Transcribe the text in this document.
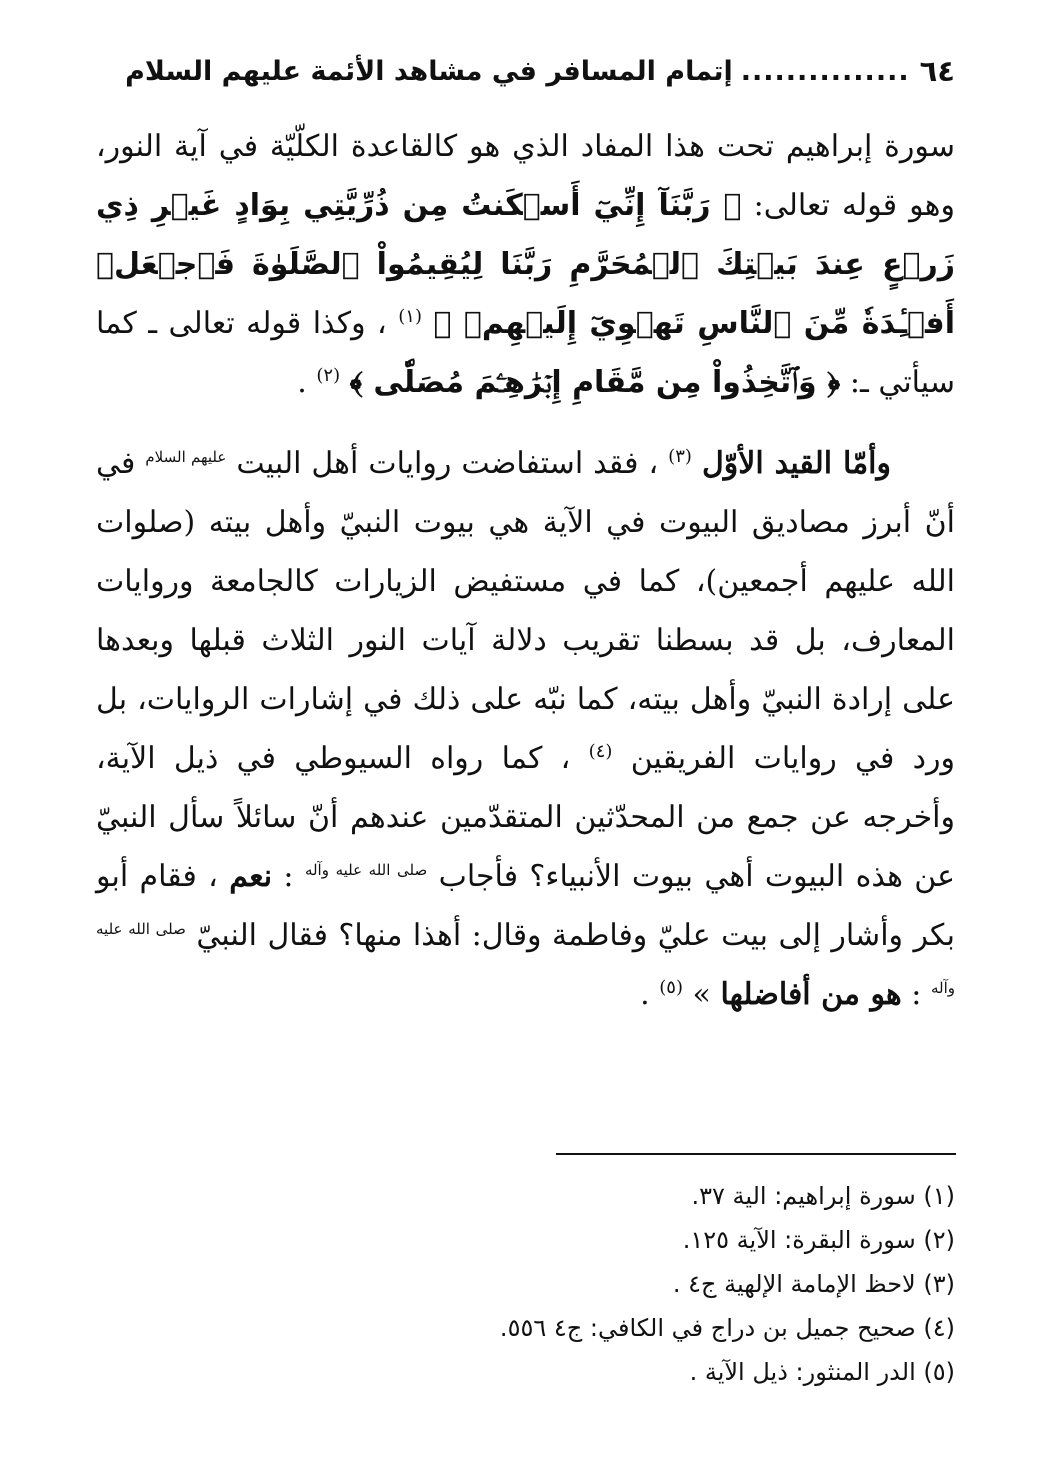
٦٤
...............
إتمام المسافر في مشاهد الأئمة عليهم السلام

سورة إبراهيم تحت هذا المفاد الذي هو كالقاعدة الكلّيّة في آية النور، وهو قوله تعالى: ﴿ رَبَّنَآ إِنِّيٓ أَسۡكَنتُ مِن ذُرِّيَّتِي بِوَادٍ غَيۡرِ ذِي زَرۡعٍ عِندَ بَيۡتِكَ ٱلۡمُحَرَّمِ رَبَّنَا لِيُقِيمُواْ ٱلصَّلَوٰةَ فَٱجۡعَلۡ أَفۡـِٔدَةٗ مِّنَ ٱلنَّاسِ تَهۡوِيٓ إِلَيۡهِمۡ ﴾ $^{(١)}$ ، وكذا قوله تعالى ـ كما سيأتي ـ: ﴿ وَٱتَّخِذُواْ مِن مَّقَامِ إِبۡرَٰهِـۧمَ مُصَلّٗى ﴾ $^{(٢)}$ .

وأمّا القيد الأوّل $^{(٣)}$ ، فقد استفاضت روايات أهل البيت $^{عليهم السلام}$ في أنّ أبرز مصاديق البيوت في الآية هي بيوت النبيّ وأهل بيته (صلوات الله عليهم أجمعين)، كما في مستفيض الزيارات كالجامعة وروايات المعارف، بل قد بسطنا تقريب دلالة آيات النور الثلاث قبلها وبعدها على إرادة النبيّ وأهل بيته، كما نبّه على ذلك في إشارات الروايات، بل ورد في روايات الفريقين $^{(٤)}$ ، كما رواه السيوطي في ذيل الآية، وأخرجه عن جمع من المحدّثين المتقدّمين عندهم أنّ سائلاً سأل النبيّ عن هذه البيوت أهي بيوت الأنبياء؟ فأجاب $^{صلى الله عليه وآله}$ : نعم ، فقام أبو بكر وأشار إلى بيت عليّ وفاطمة وقال: أهذا منها؟ فقال النبيّ $^{صلى الله عليه وآله}$ : هو من أفاضلها » $^{(٥)}$ .

(١) سورة إبراهيم: الية ٣٧.
(٢) سورة البقرة: الآية ١٢٥.
(٣) لاحظ الإمامة الإلهية ج٤ .
(٤) صحيح جميل بن دراج في الكافي: ج٤ ٥٥٦.
(٥) الدر المنثور: ذيل الآية .
